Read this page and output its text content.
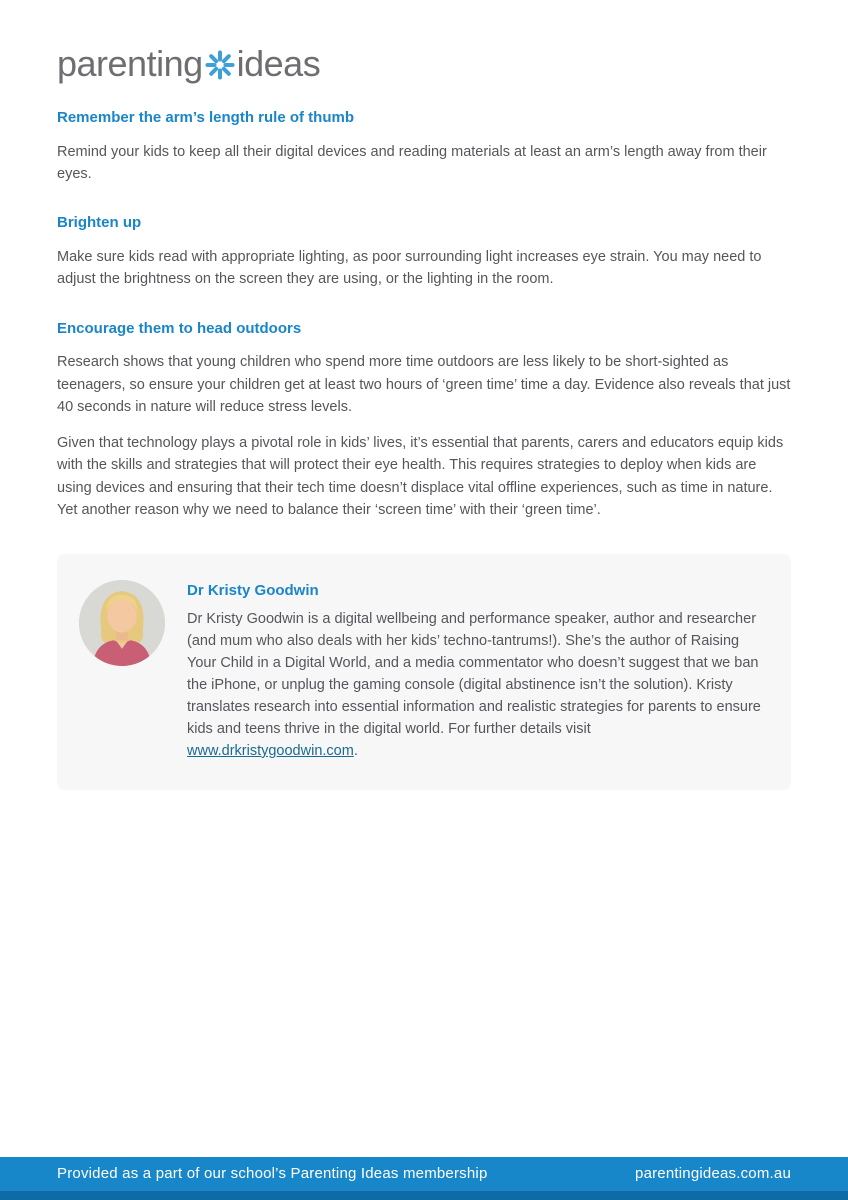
parenting ideas
Remember the arm’s length rule of thumb

Remind your kids to keep all their digital devices and reading materials at least an arm’s length away from their eyes.

Brighten up

Make sure kids read with appropriate lighting, as poor surrounding light increases eye strain. You may need to adjust the brightness on the screen they are using, or the lighting in the room.

Encourage them to head outdoors

Research shows that young children who spend more time outdoors are less likely to be short-sighted as teenagers, so ensure your children get at least two hours of ‘green time’ time a day. Evidence also reveals that just 40 seconds in nature will reduce stress levels.

Given that technology plays a pivotal role in kids’ lives, it’s essential that parents, carers and educators equip kids with the skills and strategies that will protect their eye health. This requires strategies to deploy when kids are using devices and ensuring that their tech time doesn’t displace vital offline experiences, such as time in nature. Yet another reason why we need to balance their ‘screen time’ with their ‘green time’.

Dr Kristy Goodwin
Dr Kristy Goodwin is a digital wellbeing and performance speaker, author and researcher (and mum who also deals with her kids’ techno-tantrums!). She’s the author of Raising Your Child in a Digital World, and a media commentator who doesn’t suggest that we ban the iPhone, or unplug the gaming console (digital abstinence isn’t the solution). Kristy translates research into essential information and realistic strategies for parents to ensure kids and teens thrive in the digital world. For further details visit www.drkristygoodwin.com.
Provided as a part of our school’s Parenting Ideas membership	parentingideas.com.au
